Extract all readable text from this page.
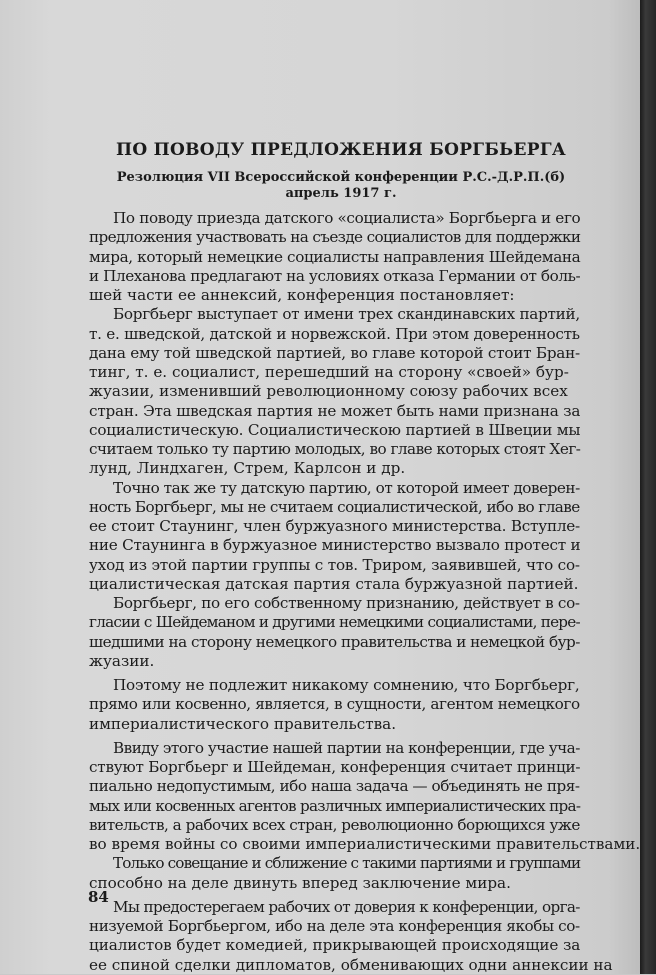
ПО ПОВОДУ ПРЕДЛОЖЕНИЯ БОРГБЬЕРГА
Резолюция VII Всероссийской конференции Р.С.-Д.Р.П.(б)
апрель 1917 г.
По поводу приезда датского «социалиста» Боргбьерга и его
предложения участвовать на съезде социалистов для поддержки
мира, который немецкие социалисты направления Шейдемана
и Плеханова предлагают на условиях отказа Германии от боль-
шей части ее аннексий, конференция постановляет:
Боргбьерг выступает от имени трех скандинавских партий,
т. е. шведской, датской и норвежской. При этом доверенность
дана ему той шведской партией, во главе которой стоит Бран-
тинг, т. е. социалист, перешедший на сторону «своей» бур-
жуазии, изменивший революционному союзу рабочих всех
стран. Эта шведская партия не может быть нами признана за
социалистическую. Социалистическою партией в Швеции мы
считаем только ту партию молодых, во главе которых стоят Хег-
лунд, Линдхаген, Стрем, Карлсон и др.
Точно так же ту датскую партию, от которой имеет доверен-
ность Боргбьерг, мы не считаем социалистической, ибо во главе
ее стоит Стаунинг, член буржуазного министерства. Вступле-
ние Стаунинга в буржуазное министерство вызвало протест и
уход из этой партии группы с тов. Трирoм, заявившей, что со-
циалистическая датская партия стала буржуазной партией.
Боргбьерг, по его собственному признанию, действует в со-
гласии с Шейдеманом и другими немецкими социалистами, пере-
шедшими на сторону немецкого правительства и немецкой бур-
жуазии.
Поэтому не подлежит никакому сомнению, что Боргбьерг,
прямо или косвенно, является, в сущности, агентом немецкого
империалистического правительства.
Ввиду этого участие нашей партии на конференции, где уча-
ствуют Боргбьерг и Шейдеман, конференция считает принци-
пиально недопустимым, ибо наша задача — объединять не пря-
мых или косвенных агентов различных империалистических пра-
вительств, а рабочих всех стран, революционно борющихся уже
во время войны со своими империалистическими правительствами.
Только совещание и сближение с такими партиями и группами
способно на деле двинуть вперед заключение мира.
Мы предостерегаем рабочих от доверия к конференции, орга-
низуемой Боргбьергом, ибо на деле эта конференция якобы со-
циалистов будет комедией, прикрывающей происходящие за
ее спиной сделки дипломатов, обменивающих одни аннексии на
84
